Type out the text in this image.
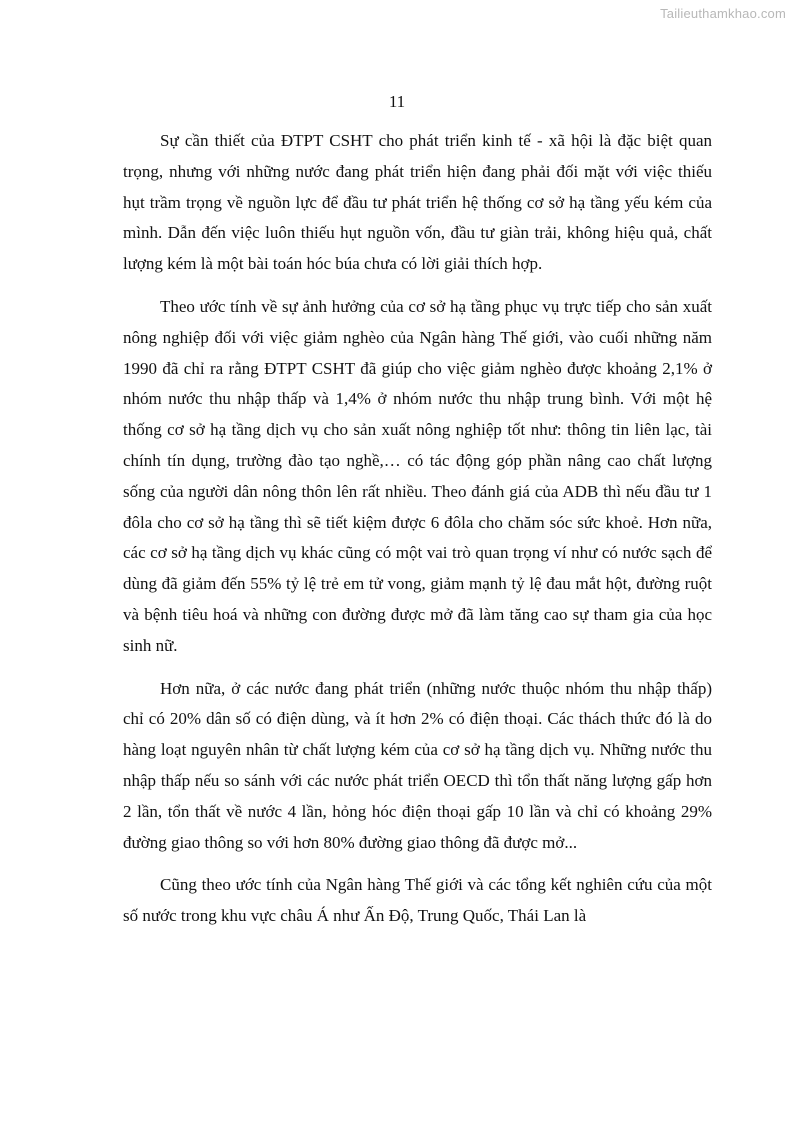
Tailieuthamkhao.com
11

Sự cần thiết của ĐTPT CSHT cho phát triển kinh tế - xã hội là đặc biệt quan trọng, nhưng với những nước đang phát triển hiện đang phải đối mặt với việc thiếu hụt trầm trọng về nguồn lực để đầu tư phát triển hệ thống cơ sở hạ tầng yếu kém của mình. Dẫn đến việc luôn thiếu hụt nguồn vốn, đầu tư giàn trải, không hiệu quả, chất lượng kém là một bài toán hóc búa chưa có lời giải thích hợp.

Theo ước tính về sự ảnh hưởng của cơ sở hạ tầng phục vụ trực tiếp cho sản xuất nông nghiệp đối với việc giảm nghèo của Ngân hàng Thế giới, vào cuối những năm 1990 đã chỉ ra rằng ĐTPT CSHT đã giúp cho việc giảm nghèo được khoảng 2,1% ở nhóm nước thu nhập thấp và 1,4% ở nhóm nước thu nhập trung bình. Với một hệ thống cơ sở hạ tầng dịch vụ cho sản xuất nông nghiệp tốt như: thông tin liên lạc, tài chính tín dụng, trường đào tạo nghề,… có tác động góp phần nâng cao chất lượng sống của người dân nông thôn lên rất nhiều. Theo đánh giá của ADB thì nếu đầu tư 1 đôla cho cơ sở hạ tầng thì sẽ tiết kiệm được 6 đôla cho chăm sóc sức khoẻ. Hơn nữa, các cơ sở hạ tầng dịch vụ khác cũng có một vai trò quan trọng ví như có nước sạch để dùng đã giảm đến 55% tỷ lệ trẻ em tử vong, giảm mạnh tỷ lệ đau mắt hột, đường ruột và bệnh tiêu hoá và những con đường được mở đã làm tăng cao sự tham gia của học sinh nữ.

Hơn nữa, ở các nước đang phát triển (những nước thuộc nhóm thu nhập thấp) chỉ có 20% dân số có điện dùng, và ít hơn 2% có điện thoại. Các thách thức đó là do hàng loạt nguyên nhân từ chất lượng kém của cơ sở hạ tầng dịch vụ. Những nước thu nhập thấp nếu so sánh với các nước phát triển OECD thì tổn thất năng lượng gấp hơn 2 lần, tổn thất về nước 4 lần, hỏng hóc điện thoại gấp 10 lần và chỉ có khoảng 29% đường giao thông so với hơn 80% đường giao thông đã được mở...

Cũng theo ước tính của Ngân hàng Thế giới và các tổng kết nghiên cứu của một số nước trong khu vực châu Á như Ấn Độ, Trung Quốc, Thái Lan là
